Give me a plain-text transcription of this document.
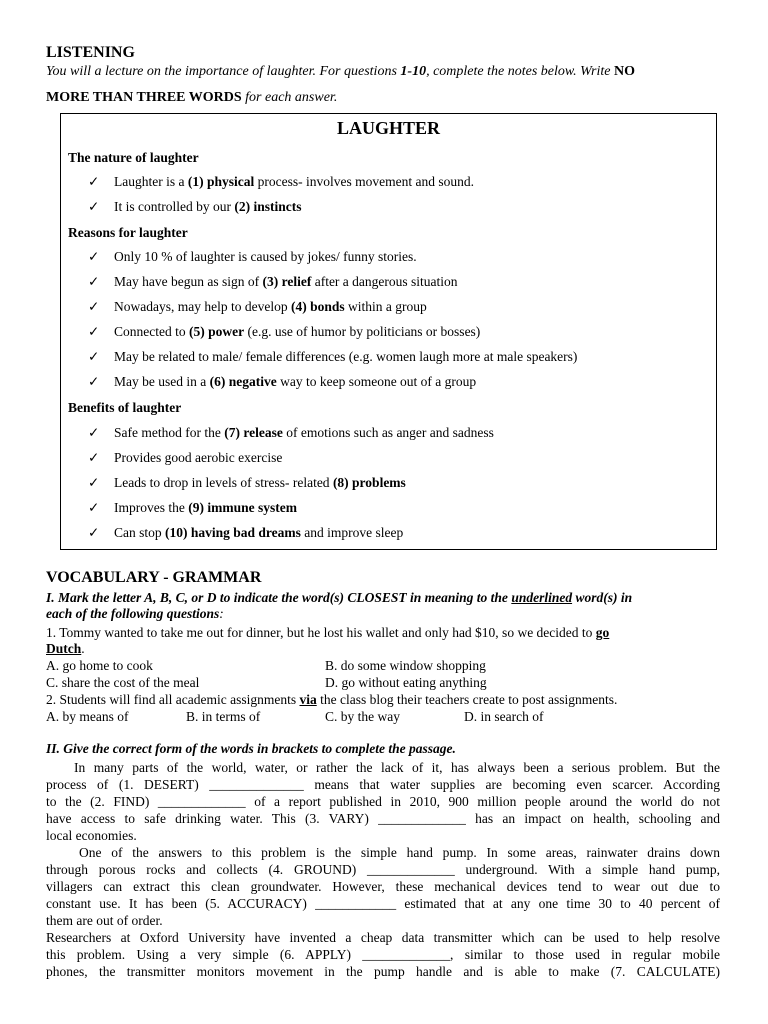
LISTENING
You will a lecture on the importance of laughter. For questions 1-10, complete the notes below. Write NO
MORE THAN THREE WORDS for each answer.
LAUGHTER
The nature of laughter
✓ Laughter is a (1) physical process- involves movement and sound.
✓ It is controlled by our (2) instincts
Reasons for laughter
✓ Only 10 % of laughter is caused by jokes/ funny stories.
✓ May have begun as sign of (3) relief after a dangerous situation
✓ Nowadays, may help to develop (4) bonds within a group
✓ Connected to (5) power (e.g. use of humor by politicians or bosses)
✓ May be related to male/ female differences (e.g. women laugh more at male speakers)
✓ May be used in a (6) negative way to keep someone out of a group
Benefits of laughter
✓ Safe method for the (7) release of emotions such as anger and sadness
✓ Provides good aerobic exercise
✓ Leads to drop in levels of stress- related (8) problems
✓ Improves the (9) immune system
✓ Can stop (10) having bad dreams and improve sleep
VOCABULARY - GRAMMAR
I. Mark the letter A, B, C, or D to indicate the word(s) CLOSEST in meaning to the underlined word(s) in
each of the following questions:
1. Tommy wanted to take me out for dinner, but he lost his wallet and only had $10, so we decided to go
Dutch.
A. go home to cook	B. do some window shopping
C. share the cost of the meal	D. go without eating anything
2. Students will find all academic assignments via the class blog their teachers create to post assignments.
A. by means of	B. in terms of	C. by the way	D. in search of
II. Give the correct form of the words in brackets to complete the passage.
In many parts of the world, water, or rather the lack of it, has always been a serious problem. But the
process of (1. DESERT) ______________ means that water supplies are becoming even scarcer. According
to the (2. FIND) _____________ of a report published in 2010, 900 million people around the world do not
have access to safe drinking water. This (3. VARY) _____________ has an impact on health, schooling and
local economies.
One of the answers to this problem is the simple hand pump. In some areas, rainwater drains down
through porous rocks and collects (4. GROUND) _____________ underground. With a simple hand pump,
villagers can extract this clean groundwater. However, these mechanical devices tend to wear out due to
constant use. It has been (5. ACCURACY) ____________ estimated that at any one time 30 to 40 percent of
them are out of order.
Researchers at Oxford University have invented a cheap data transmitter which can be used to help resolve
this problem. Using a very simple (6. APPLY) _____________, similar to those used in regular mobile
phones, the transmitter monitors movement in the pump handle and is able to make (7. CALCULATE)
